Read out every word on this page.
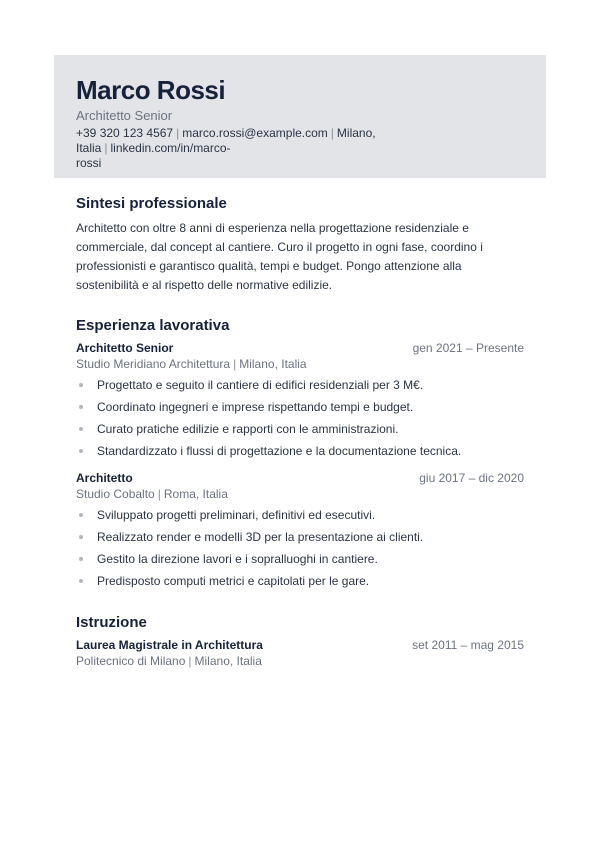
Marco Rossi
Architetto Senior
+39 320 123 4567 | marco.rossi@example.com | Milano, Italia | linkedin.com/in/marco-
rossi
Sintesi professionale

Architetto con oltre 8 anni di esperienza nella progettazione residenziale e commerciale, dal concept al cantiere. Curo il progetto in ogni fase, coordino i professionisti e garantisco qualità, tempi e budget. Pongo attenzione alla sostenibilità e al rispetto delle normative edilizie.

Esperienza lavorativa
Architetto Senior	gen 2021 – Presente
Studio Meridiano Architettura | Milano, Italia
Progettato e seguito il cantiere di edifici residenziali per 3 M€.
Coordinato ingegneri e imprese rispettando tempi e budget.
Curato pratiche edilizie e rapporti con le amministrazioni.
Standardizzato i flussi di progettazione e la documentazione tecnica.
Architetto	giu 2017 – dic 2020
Studio Cobalto | Roma, Italia
Sviluppato progetti preliminari, definitivi ed esecutivi.
Realizzato render e modelli 3D per la presentazione ai clienti.
Gestito la direzione lavori e i sopralluoghi in cantiere.
Predisposto computi metrici e capitolati per le gare.
Istruzione
Laurea Magistrale in Architettura	set 2011 – mag 2015
Politecnico di Milano | Milano, Italia
